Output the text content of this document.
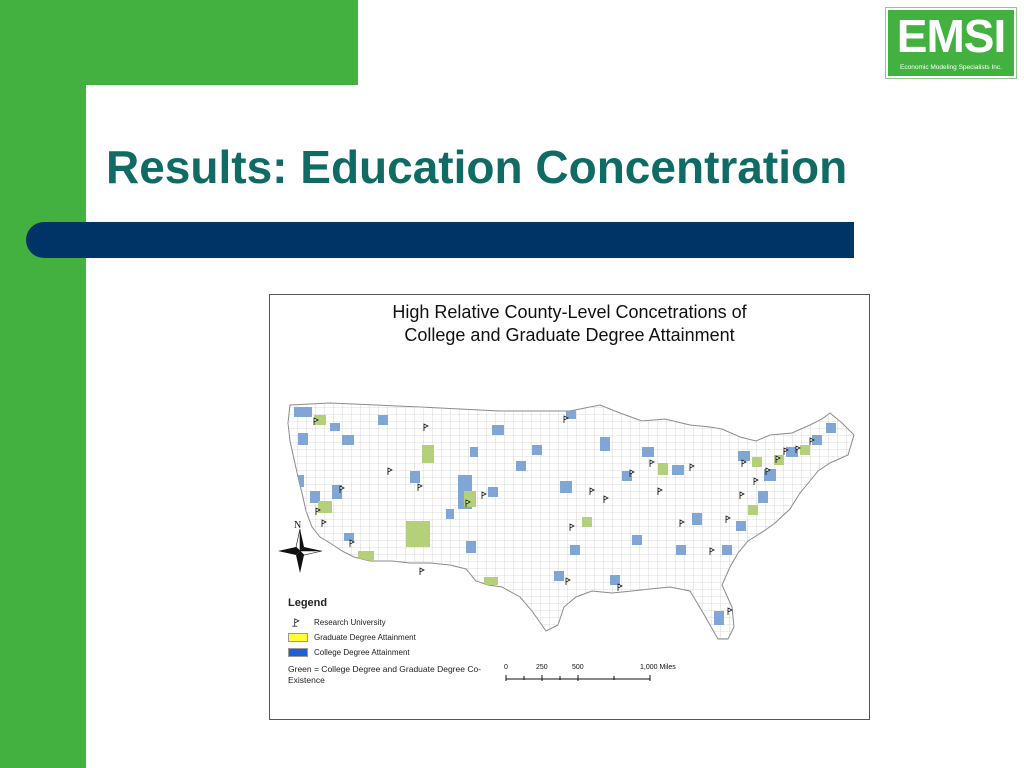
EMSI
Economic Modeling Specialists Inc.
Results: Education Concentration
High Relative County-Level Concetrations of
College and Graduate Degree Attainment
N
0	250	500	1,000 Miles
Legend
Research University
Graduate Degree Attainment
College Degree Attainment
Green = College Degree and Graduate Degree Co-Existence
